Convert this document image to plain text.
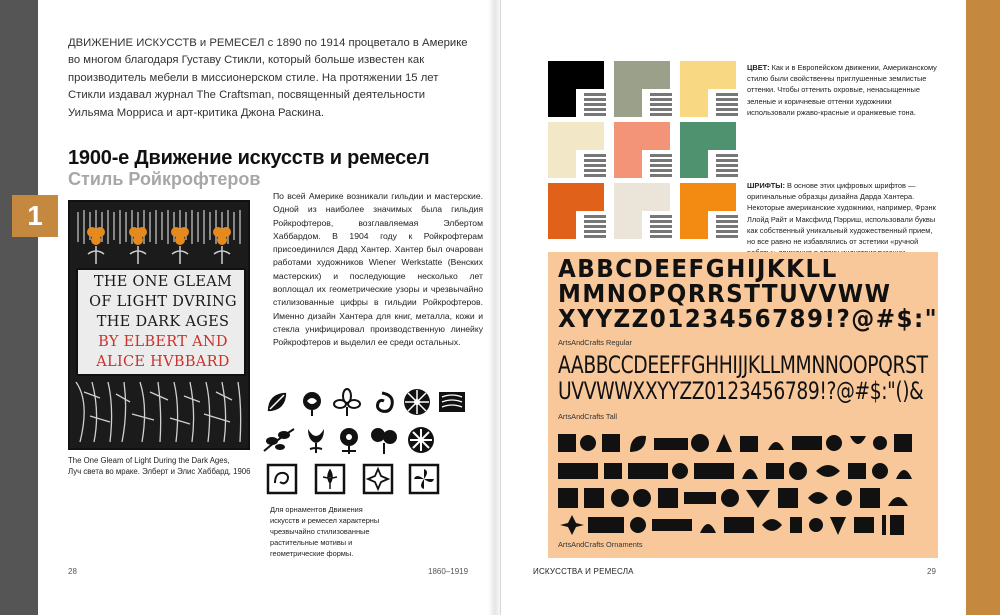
ДВИЖЕНИЕ ИСКУССТВ и РЕМЕСЕЛ с 1890 по 1914 процветало в Америке во многом благодаря Густаву Стикли, который больше известен как производитель мебели в миссионерском стиле. На протяжении 15 лет Стикли издавал журнал The Craftsman, посвященный деятельности Уильяма Морриса и арт-критика Джона Раскина.

1
1900-е Движение искусств и ремесел
Стиль Ройкрофтеров
THE ONE GLEAM
OF LIGHT DVRING
THE DARK AGES
BY ELBERT AND
ALICE HVBBARD
The One Gleam of Light During the Dark Ages,
Луч света во мраке. Элберт и Элис Хаббард, 1906

По всей Америке возникали гильдии и мастерские. Одной из наиболее значимых была гильдия Ройкрофтеров, возглавляемая Элбертом Хаббардом. В 1904 году к Ройкрофтерам присоединился Дард Хантер. Хантер был очарован работами художников Wiener Werkstatte (Венских мастерских) и последующие несколько лет воплощал их геометрические узоры и чрезвычайно стилизованные цифры в гильдии Ройкрофтеров. Именно дизайн Хантера для книг, металла, кожи и стекла унифицировал производственную линейку Ройкрофтеров и выделил ее среди остальных.

Для орнаментов Движения искусств и ремесел характерны чрезвычайно стилизованные растительные мотивы и геометрические формы.

28	1860–1919

ЦВЕТ: Как и в Европейском движении, Американскому стилю были свойственны приглушенные землистые оттенки. Чтобы оттенить охровые, ненасыщенные зеленые и коричневые оттенки художники использовали ржаво-красные и оранжевые тона.

ШРИФТЫ: В основе этих цифровых шрифтов — оригинальные образцы дизайна Дарда Хантера. Некоторые американские художники, например, Фрэнк Ллойд Райт и Максфилд Пэрриш, использовали буквы как собственный уникальный художественный прием, но все равно не избавлялись от эстетики «ручной

ABBCDEEFGHIJKKLL
MMNOPQRRSTTUVVWW
XYYZZ0123456789!?@#$:"
ArtsAndCrafts Regular
AABBCCDEEFFGHHIJJKLLMMNNOOPQRST
UVVWWXXYYZZ0123456789!?@#$:"()&
ArtsAndCrafts Tall
ArtsAndCrafts Ornaments
ИСКУССТВА И РЕМЕСЛА	29
